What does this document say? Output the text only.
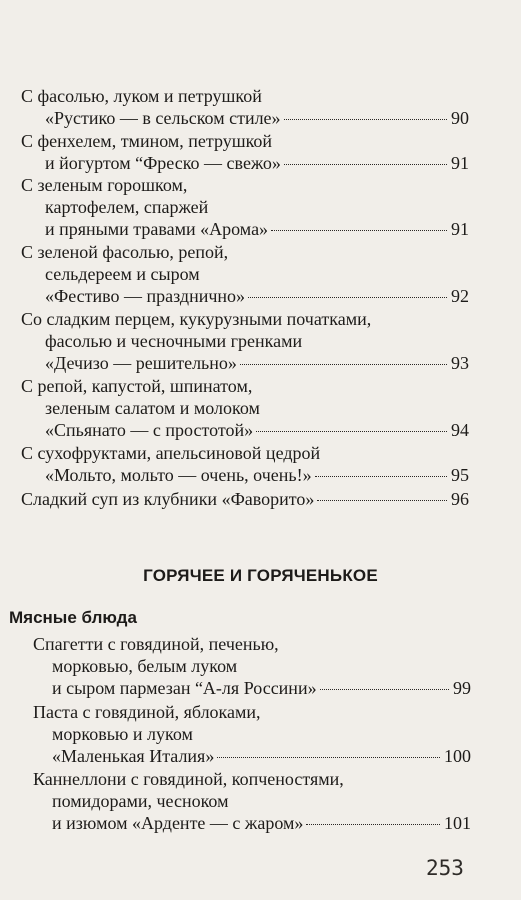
С фасолью, луком и петрушкой
«Рустико — в сельском стиле»	90
С фенхелем, тмином, петрушкой
и йогуртом “Фреско — свежо»	91
С зеленым горошком,
картофелем, спаржей
и пряными травами «Арома»	91
С зеленой фасолью, репой,
сельдереем и сыром
«Фестиво — празднично»	92
Со сладким перцем, кукурузными початками,
фасолью и чесночными гренками
«Дечизо — решительно»	93
С репой, капустой, шпинатом,
зеленым салатом и молоком
«Спьянато — с простотой»	94
С сухофруктами, апельсиновой цедрой
«Мольто, мольто — очень, очень!»	95
Сладкий суп из клубники «Фаворито»	96
ГОРЯЧЕЕ И ГОРЯЧЕНЬКОЕ
Мясные блюда
Спагетти с говядиной, печенью,
морковью, белым луком
и сыром пармезан “А-ля Россини»	99
Паста с говядиной, яблоками,
морковью и луком
«Маленькая Италия»	100
Каннеллони с говядиной, копченостями,
помидорами, чесноком
и изюмом «Арденте — с жаром»	101
253
